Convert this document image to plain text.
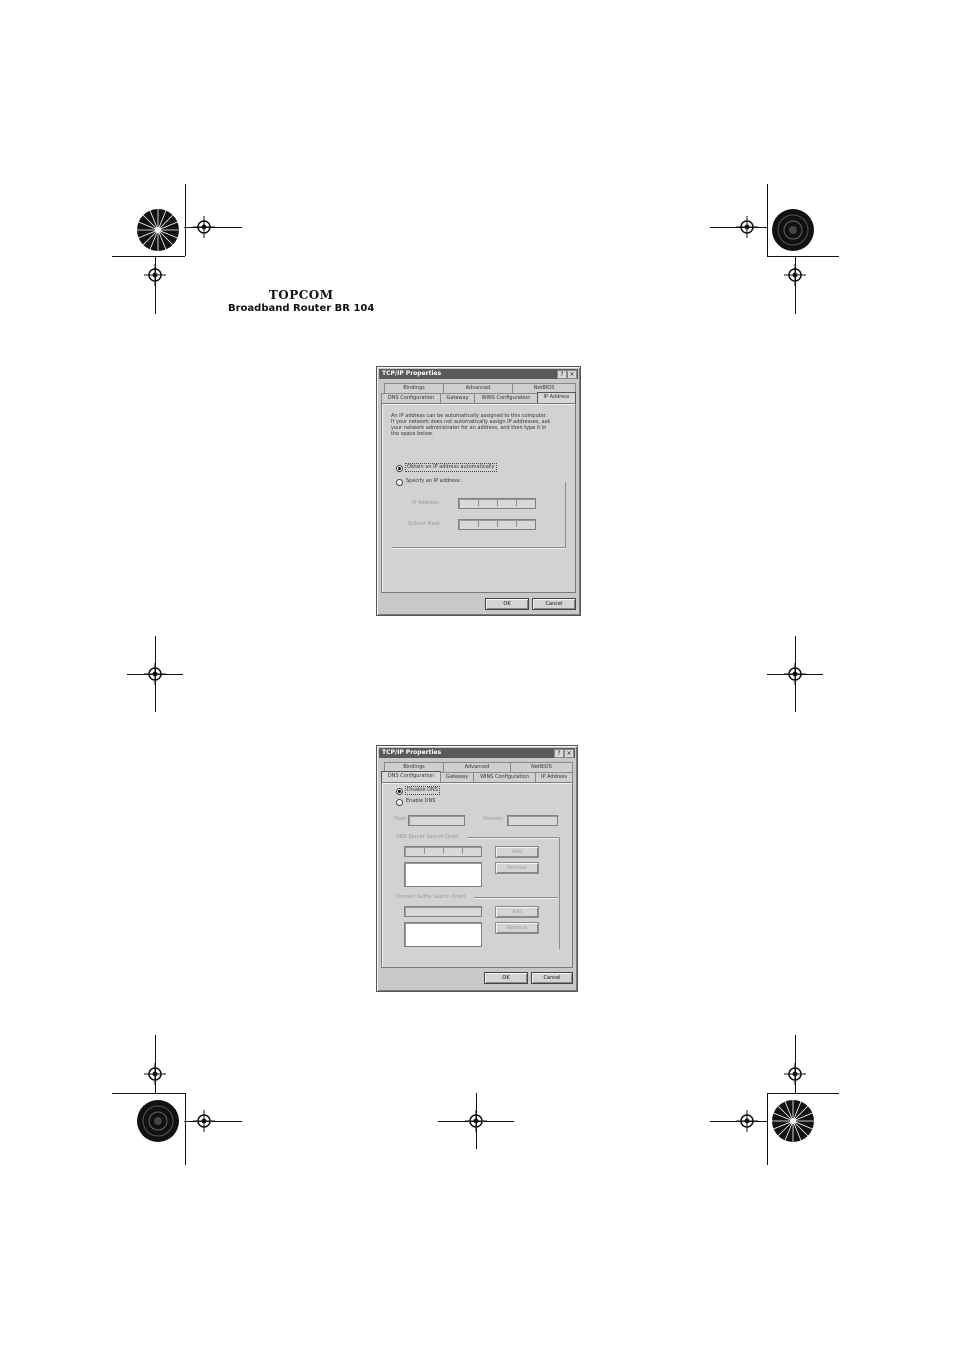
TOPCOM
Broadband Router BR 104
TCP/IP Properties	? ×
Bindings	Advanced	NetBIOS
DNS Configuration	Gateway	WINS Configuration	IP Address
An IP address can be automatically assigned to this computer.
If your network does not automatically assign IP addresses, ask
your network administrator for an address, and then type it in
the space below.
Obtain an IP address automatically
Specify an IP address:
IP Address:
Subnet Mask:
OK	Cancel
TCP/IP Properties	? ×
Bindings	Advanced	NetBIOS
DNS Configuration	Gateway	WINS Configuration	IP Address
Disable DNS
Enable DNS
Host:	Domain:
DNS Server Search Order
Add
Remove
Domain Suffix Search Order
Add
Remove
OK	Cancel
